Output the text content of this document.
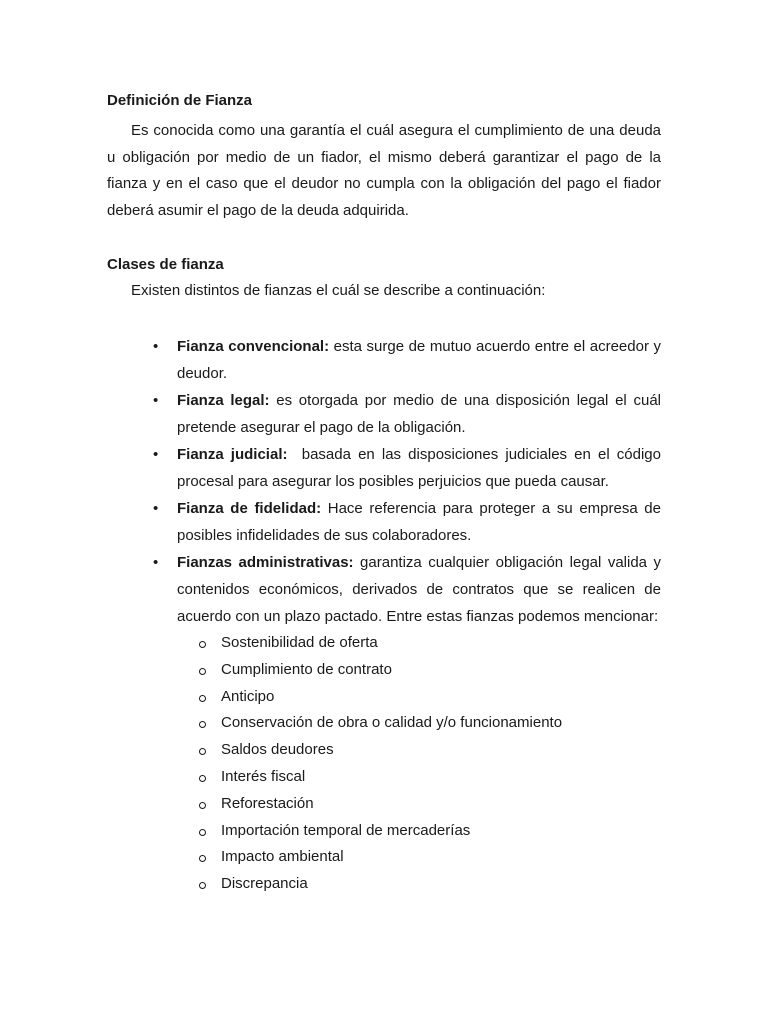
Definición de Fianza

Es conocida como una garantía el cuál asegura el cumplimiento de una deuda u obligación por medio de un fiador, el mismo deberá garantizar el pago de la fianza y en el caso que el deudor no cumpla con la obligación del pago el fiador deberá asumir el pago de la deuda adquirida.

Clases de fianza

Existen distintos de fianzas el cuál se describe a continuación:

• Fianza convencional: esta surge de mutuo acuerdo entre el acreedor y deudor.
• Fianza legal: es otorgada por medio de una disposición legal el cuál pretende asegurar el pago de la obligación.
• Fianza judicial:  basada en las disposiciones judiciales en el código procesal para asegurar los posibles perjuicios que pueda causar.
• Fianza de fidelidad: Hace referencia para proteger a su empresa de posibles infidelidades de sus colaboradores.
• Fianzas administrativas: garantiza cualquier obligación legal valida y contenidos económicos, derivados de contratos que se realicen de acuerdo con un plazo pactado. Entre estas fianzas podemos mencionar:
Sostenibilidad de oferta
Cumplimiento de contrato
Anticipo
Conservación de obra o calidad y/o funcionamiento
Saldos deudores
Interés fiscal
Reforestación
Importación temporal de mercaderías
Impacto ambiental
Discrepancia
